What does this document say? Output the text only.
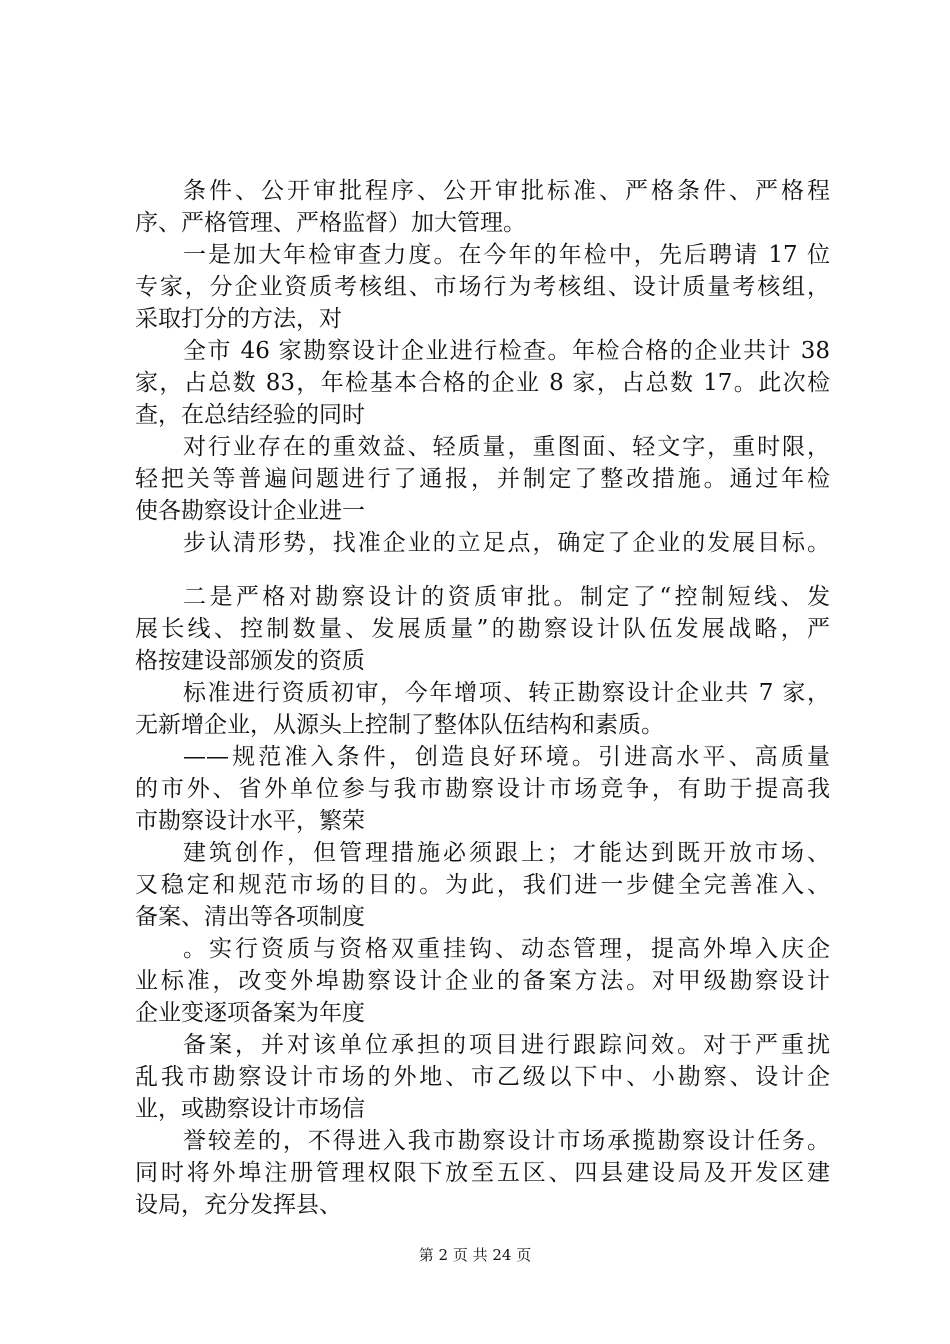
条件、公开审批程序、公开审批标准、严格条件、严格程
序、严格管理、严格监督）加大管理。
一是加大年检审查力度。在今年的年检中，先后聘请 17 位
专家，分企业资质考核组、市场行为考核组、设计质量考核组，
采取打分的方法，对
全市 46 家勘察设计企业进行检查。年检合格的企业共计 38
家，占总数 83，年检基本合格的企业 8 家，占总数 17。此次检
查，在总结经验的同时
对行业存在的重效益、轻质量，重图面、轻文字，重时限，
轻把关等普遍问题进行了通报，并制定了整改措施。通过年检
使各勘察设计企业进一
步认清形势，找准企业的立足点，确定了企业的发展目标。
二是严格对勘察设计的资质审批。制定了“控制短线、发
展长线、控制数量、发展质量”的勘察设计队伍发展战略，严
格按建设部颁发的资质
标准进行资质初审，今年增项、转正勘察设计企业共 7 家，
无新增企业，从源头上控制了整体队伍结构和素质。
——规范准入条件，创造良好环境。引进高水平、高质量
的市外、省外单位参与我市勘察设计市场竞争，有助于提高我
市勘察设计水平，繁荣
建筑创作，但管理措施必须跟上；才能达到既开放市场、
又稳定和规范市场的目的。为此，我们进一步健全完善准入、
备案、清出等各项制度
。实行资质与资格双重挂钩、动态管理，提高外埠入庆企
业标准，改变外埠勘察设计企业的备案方法。对甲级勘察设计
企业变逐项备案为年度
备案，并对该单位承担的项目进行跟踪问效。对于严重扰
乱我市勘察设计市场的外地、市乙级以下中、小勘察、设计企
业，或勘察设计市场信
誉较差的，不得进入我市勘察设计市场承揽勘察设计任务。
同时将外埠注册管理权限下放至五区、四县建设局及开发区建
设局，充分发挥县、
第 2 页 共 24 页
